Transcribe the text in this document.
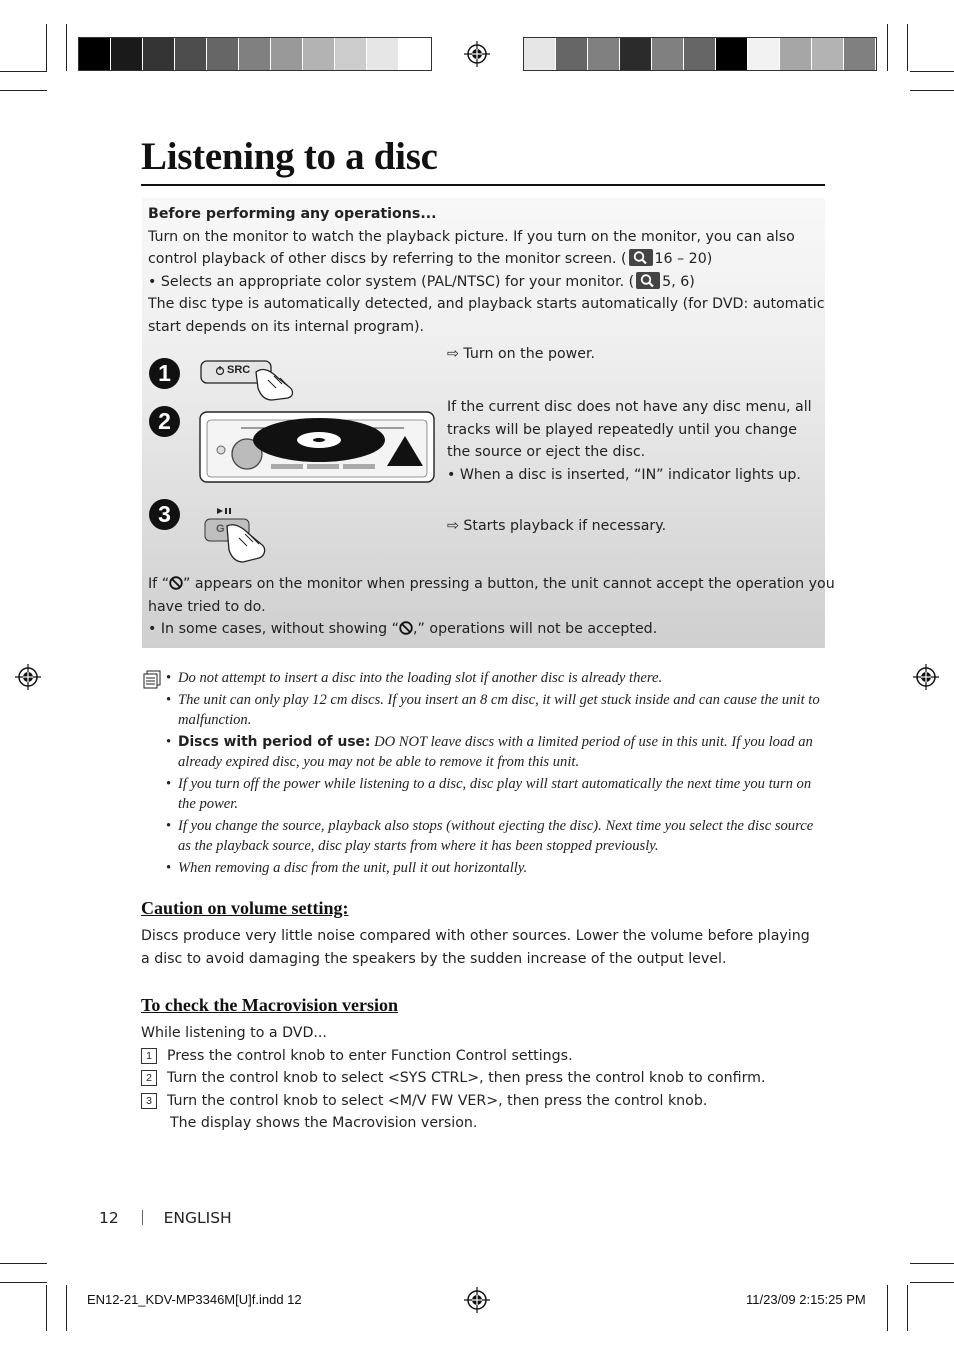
Listening to a disc

Before performing any operations...

Turn on the monitor to watch the playback picture. If you turn on the monitor, you can also

control playback of other discs by referring to the monitor screen. ( 16 – 20)

• Selects an appropriate color system (PAL/NTSC) for your monitor. ( 5, 6)

The disc type is automatically detected, and playback starts automatically (for DVD: automatic

start depends on its internal program).

1
2
3
SRC
G
⇨ Turn on the power.

If the current disc does not have any disc menu, all tracks will be played repeatedly until you change the source or eject the disc.

• When a disc is inserted, “IN” indicator lights up.

⇨ Starts playback if necessary.

If “ ” appears on the monitor when pressing a button, the unit cannot accept the operation you

have tried to do.

• In some cases, without showing “ ,” operations will not be accepted.

• Do not attempt to insert a disc into the loading slot if another disc is already there.
• The unit can only play 12 cm discs. If you insert an 8 cm disc, it will get stuck inside and can cause the unit to malfunction.
• Discs with period of use: DO NOT leave discs with a limited period of use in this unit. If you load an already expired disc, you may not be able to remove it from this unit.
• If you turn off the power while listening to a disc, disc play will start automatically the next time you turn on the power.
• If you change the source, playback also stops (without ejecting the disc). Next time you select the disc source as the playback source, disc play starts from where it has been stopped previously.
• When removing a disc from the unit, pull it out horizontally.
Caution on volume setting:
Discs produce very little noise compared with other sources. Lower the volume before playing a disc to avoid damaging the speakers by the sudden increase of the output level.
To check the Macrovision version

While listening to a DVD...

1 Press the control knob to enter Function Control settings.

2 Turn the control knob to select <SYS CTRL>, then press the control knob to confirm.

3 Turn the control knob to select <M/V FW VER>, then press the control knob.

The display shows the Macrovision version.

12	ENGLISH
EN12-21_KDV-MP3346M[U]f.indd 12	11/23/09 2:15:25 PM
